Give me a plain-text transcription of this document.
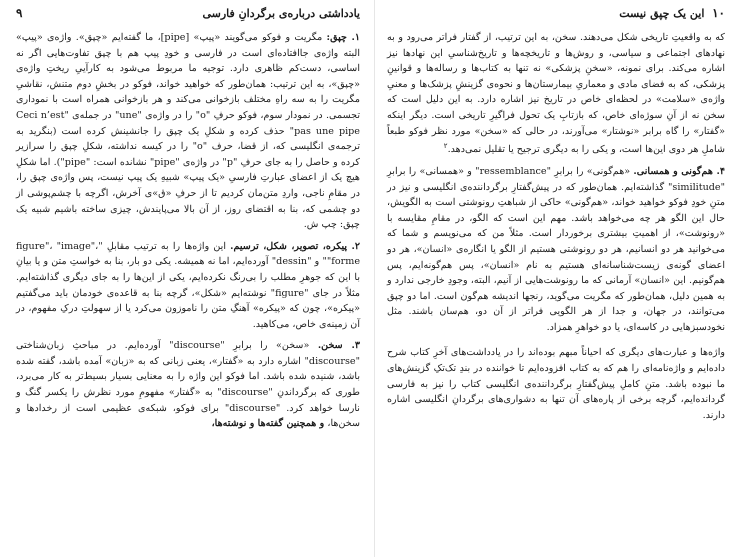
یادداشتی درباره‌ی برگردانِ فارسی
۹

۱. چپق: مگریت و فوکو می‌گویند «پیپ» [pipe]، ما گفته‌ایم «چپق». واژه‌ی «پیپ» البته واژه‌ی جاافتاده‌ای است در فارسی و خودِ پیپ هم با چپق تفاوت‌هایی اگر نه اساسی، دست‌کم ظاهری دارد. توجیه ما مربوط می‌شود به کارآییِ ریختِ واژه‌ی «چپق»، به این ترتیب: همان‌طور که خواهید خواند، فوکو در بخشِ دوم متنش، نقاشیِ مگریت را به سه راهِ مختلف بازخوانی می‌کند و هر بازخوانی همراه است با نموداری تجسمی. در نمودار سوم، فوکو حرفِ "o" را در واژه‌ی "une" در جمله‌ی "Ceci n’est pas une pipe" حذف کرده و شکلِ یک چپق را جانشینش کرده است (بنگرید به ترجمه‌ی انگلیسی که، از قضا، حرف "o" را در کیسه نداشته، شکلِ چپق را سرازیر کرده و حاصل را به جای حرفِ "p" در واژه‌ی "pipe" نشانده است: "pipe"). اما شکلِ هیچ یک از اعضای عبارتِ فارسیِ «یک پیپ» شبیهِ یک پیپ نیست، پس واژه‌ی چپق را، در مقامِ ناجی، واردِ متن‌مان کردیم تا از حرفِ «ق»ی آخرش، اگرچه با چشم‌پوشی از دو چشمی که، بنا به اقتضای روز، از آن بالا می‌پایندش، چیزی ساخته باشیم شبیه یک چپق: چپ ش.

۲. پیکره، تصویر، شکل، ترسیم. این واژه‌ها را به ترتیب مقابلِ "figure"، "image"، "forme" و "dessin" آورده‌ایم، اما نه همیشه. یکی دو بار، بنا به خواستِ متن و یا بیانِ با این که جوهرِ مطلب را بی‌رنگ نکرده‌ایم، یکی از این‌ها را به جای دیگری گذاشته‌ایم. مثلاً در جای "figure" نوشته‌ایم «شکل»، گرچه بنا به قاعده‌ی خودمان باید می‌گفتیم «پیکره»، چون که «پیکره» آهنگِ متن را ناموزون می‌کرد یا از سهولتِ درکِ مفهوم، در آن زمینه‌ی خاص، می‌کاهید.

۳. سخن. «سخن» را برابرِ "discourse" آورده‌ایم. در مباحثِ زبان‌شناختی "discourse" اشاره دارد به «گفتار»، یعنی زبانی که به «زبان» آمده باشد، گفته شده باشد، شنیده شده باشد. اما فوکو این واژه را به معنایی بسیار بسیط‌تر به کار می‌برد، طوری که برگرداندنِ "discourse" به «گفتار» مفهومِ مورد نظرش را یکسر گنگ و نارسا خواهد کرد. "discourse" برای فوکو، شبکه‌ی عظیمی است از رخدادها و سخن‌ها، و همچنین گفته‌ها و نوشته‌ها،

۱۰  این یک چپق نیست

که به واقعیتِ تاریخی شکل می‌دهند. سخن، به این ترتیب، از گفتار فراتر می‌رود و به نهادهای اجتماعی و سیاسی، و روش‌ها و تاریخچه‌ها و تاریخ‌شناسیِ این نهادها نیز اشاره می‌کند. برای نمونه، «سخنِ پزشکی» نه تنها به کتاب‌ها و رساله‌ها و قوانینِ پزشکی، که به فضای مادی و معماریِ بیمارستان‌ها و نحوه‌ی گزینشِ پزشک‌ها و معنیِ واژه‌ی «سلامت» در لحظه‌ای خاص در تاریخ نیز اشاره دارد. به این دلیل است که سخن نه از آنِ سوژه‌ای خاص، که بازتابِ یک تحول فراگیرِ تاریخی است. دیگر اینکه «گفتار» را گاه برابر «نوشتار» می‌آورند، در حالی که «سخن» مورد نظر فوکو طبعاً شاملِ هر دوی این‌ها است، و یکی را به دیگری ترجیح یا تقلیل نمی‌دهد.$^۲$

۴. هم‌گونی و همسانی. «هم‌گونی» را برابرِ "ressemblance" و «همسانی» را برابرِ "similitude" گذاشته‌ایم. همان‌طور که در پیش‌گفتارِ برگرداننده‌ی انگلیسی و نیز در متنِ خودِ فوکو خواهید خواند، «هم‌گونی» حاکی از شباهتِ رونوشتی است به الگویش، حال این الگو هر چه می‌خواهد باشد. مهم این است که الگو، در مقامِ مقایسه با «رونوشت»، از اهمیتِ بیشتری برخوردار است. مثلاً من که می‌نویسم و شما که می‌خوانید هر دو انسانیم، هر دو رونوشتی هستیم از الگو یا انگاره‌ی «انسان»، هر دو اعضای گونه‌ی زیست‌شناسانه‌ای هستیم به نام «انسان»، پس هم‌گونه‌ایم، پس هم‌گونیم. این «انسان» آرمانی که ما رونوشت‌هایی از آنیم، البته، وجودِ خارجی ندارد و به همین دلیل، همان‌طور که مگریت می‌گوید، رنجها اندیشه هم‌گون است. اما دو چپق می‌توانند، در جهان، و جدا از هر الگویی فراتر از آن دو، هم‌سان باشند. مثل نخودسبزهایی در کاسه‌ای، یا دو خواهرِ همزاد.

واژه‌ها و عبارت‌های دیگری که احیاناً مبهم بوده‌اند را در یادداشت‌های آخرِ کتاب شرح داده‌ایم و واژه‌نامه‌ای را هم که به کتاب افزوده‌ایم تا خواننده در بندِ تک‌تکِ گزینش‌های ما نبوده باشد. متنِ کاملِ پیش‌گفتارِ برگرداننده‌ی انگلیسی کتاب را نیز به فارسی گردانده‌ایم، گرچه برخی از پاره‌های آن تنها به دشواری‌های برگردانِ انگلیسی اشاره دارند.
